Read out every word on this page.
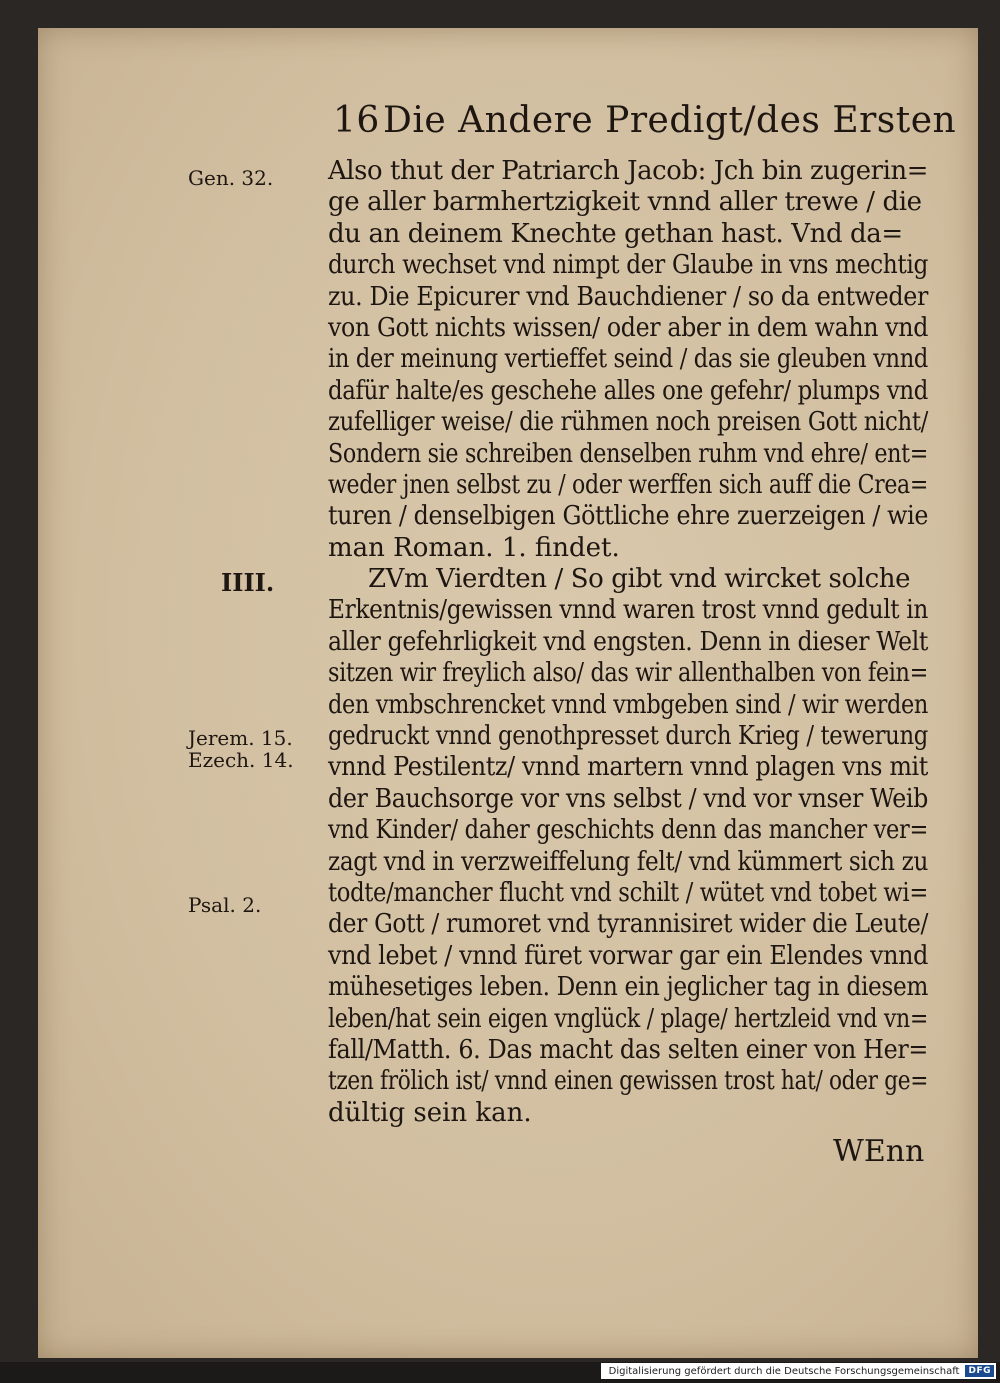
16 Die Andere Predigt/des Ersten
Gen. 32.
IIII.
Jerem. 15.
Ezech. 14.
Psal. 2.
Also thut der Patriarch Jacob: Jch bin zugerin=
ge aller barmhertzigkeit vnnd aller trewe / die
du an deinem Knechte gethan hast. Vnd da=
durch wechset vnd nimpt der Glaube in vns mechtig
zu. Die Epicurer vnd Bauchdiener / so da entweder
von Gott nichts wissen/ oder aber in dem wahn vnd
in der meinung vertieffet seind / das sie gleuben vnnd
dafür halte/es geschehe alles one gefehr/ plumps vnd
zufelliger weise/ die rühmen noch preisen Gott nicht/
Sondern sie schreiben denselben ruhm vnd ehre/ ent=
weder jnen selbst zu / oder werffen sich auff die Crea=
turen / denselbigen Göttliche ehre zuerzeigen / wie
man Roman. 1. findet.
ZVm Vierdten / So gibt vnd wircket solche
Erkentnis/gewissen vnnd waren trost vnnd gedult in
aller gefehrligkeit vnd engsten. Denn in dieser Welt
sitzen wir freylich also/ das wir allenthalben von fein=
den vmbschrencket vnnd vmbgeben sind / wir werden
gedruckt vnnd genothpresset durch Krieg / tewerung
vnnd Pestilentz/ vnnd martern vnnd plagen vns mit
der Bauchsorge vor vns selbst / vnd vor vnser Weib
vnd Kinder/ daher geschichts denn das mancher ver=
zagt vnd in verzweiffelung felt/ vnd kümmert sich zu
todte/mancher flucht vnd schilt / wütet vnd tobet wi=
der Gott / rumoret vnd tyrannisiret wider die Leute/
vnd lebet / vnnd füret vorwar gar ein Elendes vnnd
mühesetiges leben. Denn ein jeglicher tag in diesem
leben/hat sein eigen vnglück / plage/ hertzleid vnd vn=
fall/Matth. 6. Das macht das selten einer von Her=
tzen frölich ist/ vnnd einen gewissen trost hat/ oder ge=
dültig sein kan.
WEnn
Digitalisierung gefördert durch die Deutsche Forschungsgemeinschaft	DFG
